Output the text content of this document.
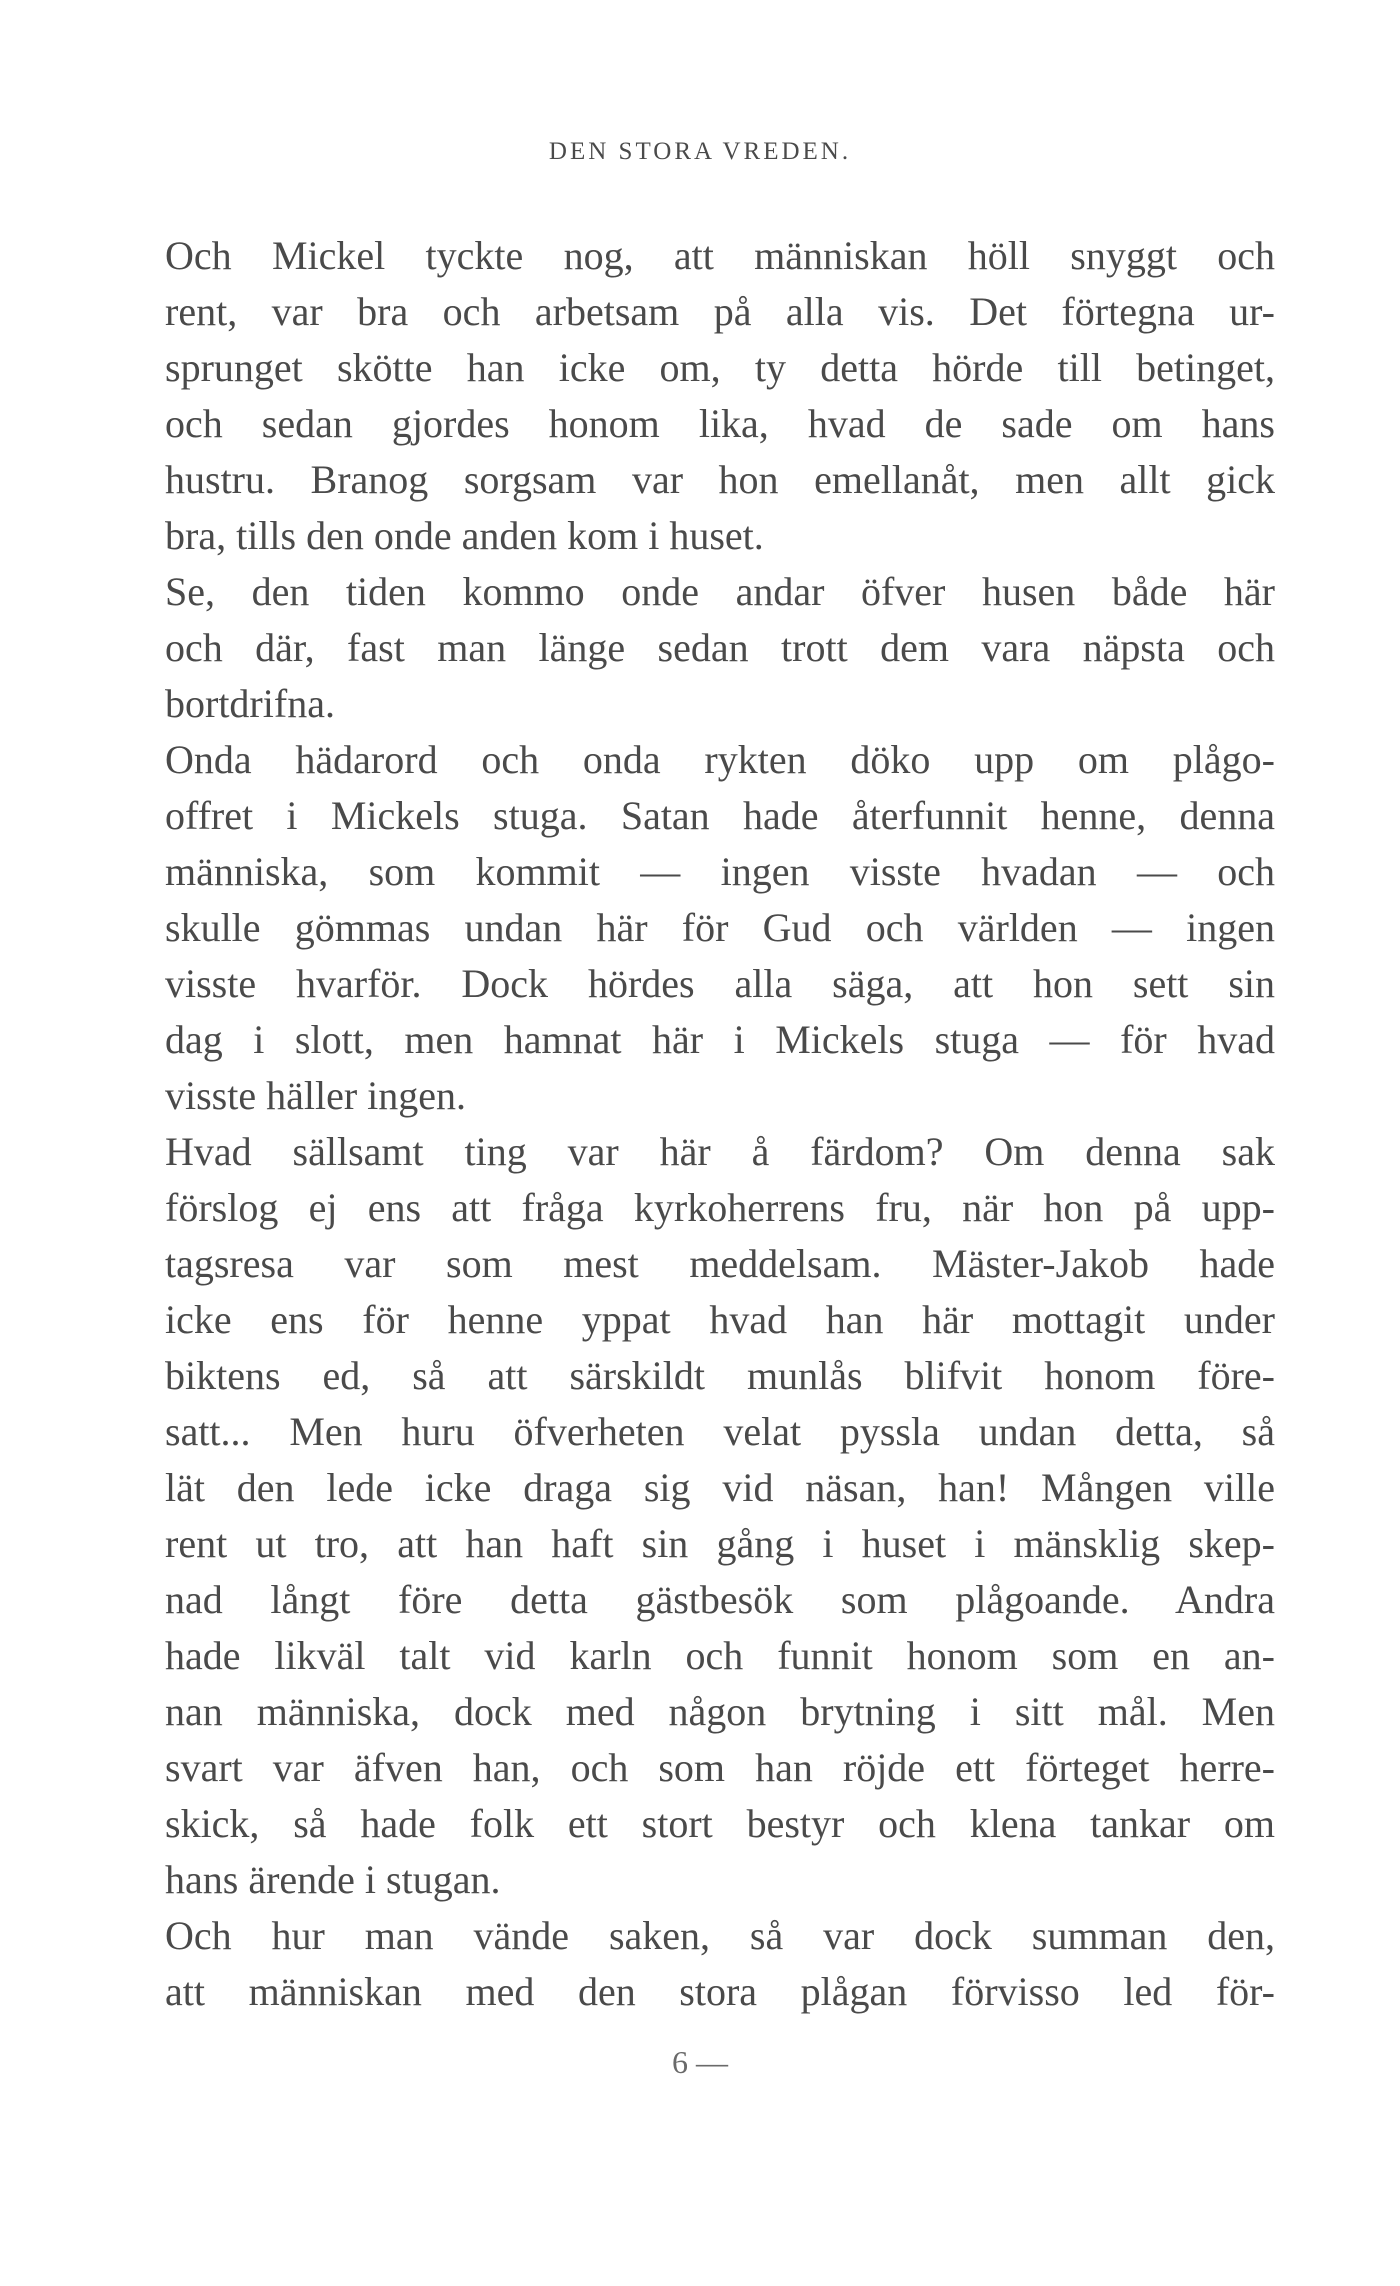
DEN STORA VREDEN.
Och Mickel tyckte nog, att människan höll snyggt och
rent, var bra och arbetsam på alla vis. Det förtegna ur-
sprunget skötte han icke om, ty detta hörde till betinget,
och sedan gjordes honom lika, hvad de sade om hans
hustru. Branog sorgsam var hon emellanåt, men allt gick
bra, tills den onde anden kom i huset.
Se, den tiden kommo onde andar öfver husen både här
och där, fast man länge sedan trott dem vara näpsta och
bortdrifna.
Onda hädarord och onda rykten döko upp om plågo-
offret i Mickels stuga. Satan hade återfunnit henne, denna
människa, som kommit — ingen visste hvadan — och
skulle gömmas undan här för Gud och världen — ingen
visste hvarför. Dock hördes alla säga, att hon sett sin
dag i slott, men hamnat här i Mickels stuga — för hvad
visste häller ingen.
Hvad sällsamt ting var här å färdom? Om denna sak
förslog ej ens att fråga kyrkoherrens fru, när hon på upp-
tagsresa var som mest meddelsam. Mäster-Jakob hade
icke ens för henne yppat hvad han här mottagit under
biktens ed, så att särskildt munlås blifvit honom före-
satt... Men huru öfverheten velat pyssla undan detta, så
lät den lede icke draga sig vid näsan, han! Mången ville
rent ut tro, att han haft sin gång i huset i mänsklig skep-
nad långt före detta gästbesök som plågoande. Andra
hade likväl talt vid karln och funnit honom som en an-
nan människa, dock med någon brytning i sitt mål. Men
svart var äfven han, och som han röjde ett förteget herre-
skick, så hade folk ett stort bestyr och klena tankar om
hans ärende i stugan.
Och hur man vände saken, så var dock summan den,
att människan med den stora plågan förvisso led för-
6 —
